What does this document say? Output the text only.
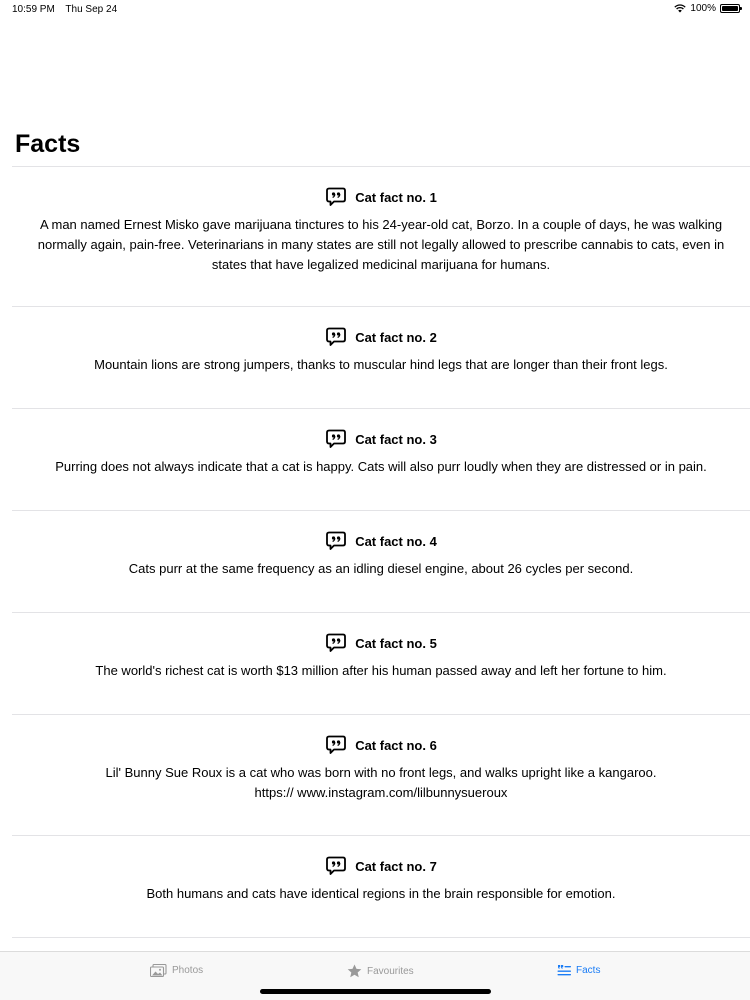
10:59 PM Thu Sep 24	100%
Facts
Cat fact no. 1

A man named Ernest Misko gave marijuana tinctures to his 24-year-old cat, Borzo. In a couple of days, he was walking normally again, pain-free. Veterinarians in many states are still not legally allowed to prescribe cannabis to cats, even in states that have legalized medicinal marijuana for humans.

Cat fact no. 2

Mountain lions are strong jumpers, thanks to muscular hind legs that are longer than their front legs.

Cat fact no. 3

Purring does not always indicate that a cat is happy. Cats will also purr loudly when they are distressed or in pain.

Cat fact no. 4

Cats purr at the same frequency as an idling diesel engine, about 26 cycles per second.

Cat fact no. 5

The world's richest cat is worth $13 million after his human passed away and left her fortune to him.

Cat fact no. 6

Lil' Bunny Sue Roux is a cat who was born with no front legs, and walks upright like a kangaroo. https:// www.instagram.com/lilbunnysueroux

Cat fact no. 7

Both humans and cats have identical regions in the brain responsible for emotion.

Photos	Favourites	Facts
